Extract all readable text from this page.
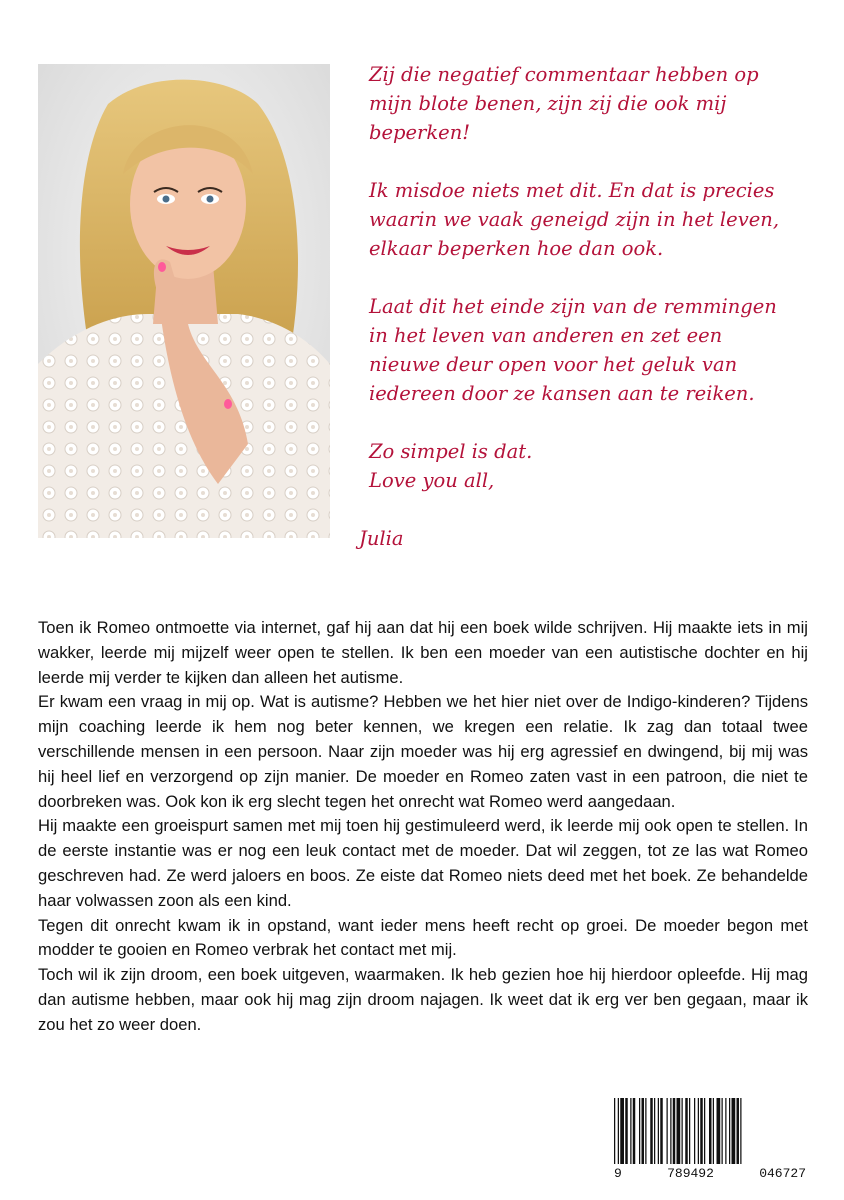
Zij die negatief commentaar hebben op mijn blote benen, zijn zij die ook mij beperken!

Ik misdoe niets met dit. En dat is precies waarin we vaak geneigd zijn in het leven, elkaar beperken hoe dan ook.

Laat dit het einde zijn van de remmingen in het leven van anderen en zet een nieuwe deur open voor het geluk van iedereen door ze kansen aan te reiken.

Zo simpel is dat.

Love you all,

Julia

Toen ik Romeo ontmoette via internet, gaf hij aan dat hij een boek wilde schrijven. Hij maakte iets in mij wakker, leerde mij mijzelf weer open te stellen. Ik ben een moeder van een autistische dochter en hij leerde mij verder te kijken dan alleen het autisme.

Er kwam een vraag in mij op. Wat is autisme? Hebben we het hier niet over de Indigo-kinderen? Tijdens mijn coaching leerde ik hem nog beter kennen, we kregen een relatie. Ik zag dan totaal twee verschillende mensen in een persoon. Naar zijn moeder was hij erg agressief en dwingend, bij mij was hij heel lief en verzorgend op zijn manier. De moeder en Romeo zaten vast in een patroon, die niet te doorbreken was. Ook kon ik erg slecht tegen het onrecht wat Romeo werd aangedaan.

Hij maakte een groeispurt samen met mij toen hij gestimuleerd werd, ik leerde mij ook open te stellen. In de eerste instantie was er nog een leuk contact met de moeder. Dat wil zeggen, tot ze las wat Romeo geschreven had. Ze werd jaloers en boos. Ze eiste dat Romeo niets deed met het boek. Ze behandelde haar volwassen zoon als een kind.

Tegen dit onrecht kwam ik in opstand, want ieder mens heeft recht op groei. De moeder begon met modder te gooien en Romeo verbrak het contact met mij.

Toch wil ik zijn droom, een boek uitgeven, waarmaken. Ik heb gezien hoe hij hierdoor opleefde. Hij mag dan autisme hebben, maar ook hij mag zijn droom najagen. Ik weet dat ik erg ver ben gegaan, maar ik zou het zo weer doen.

9	789492	046727
